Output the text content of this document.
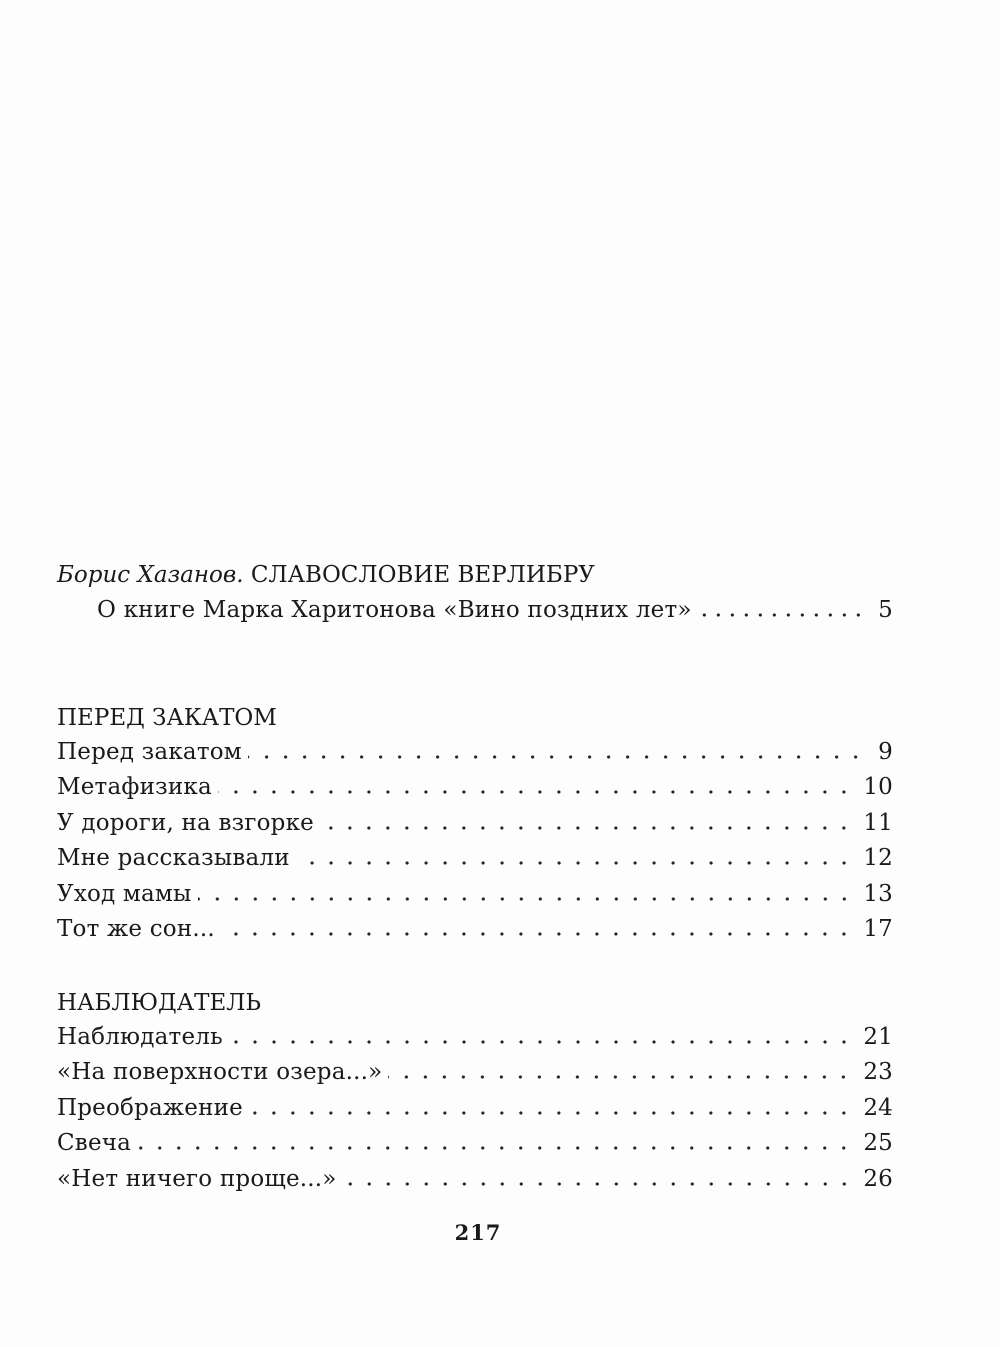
Борис Хазанов. СЛАВОСЛОВИЕ ВЕРЛИБРУ
О книге Марка Харитонова «Вино поздних лет»	5
ПЕРЕД ЗАКАТОМ
Перед закатом	9
Метафизика	10
У дороги, на взгорке	11
Мне рассказывали	12
Уход мамы	13
Тот же сон...	17
НАБЛЮДАТЕЛЬ
Наблюдатель	21
«На поверхности озера...»	23
Преображение	24
Свеча	25
«Нет ничего проще...»	26
217
